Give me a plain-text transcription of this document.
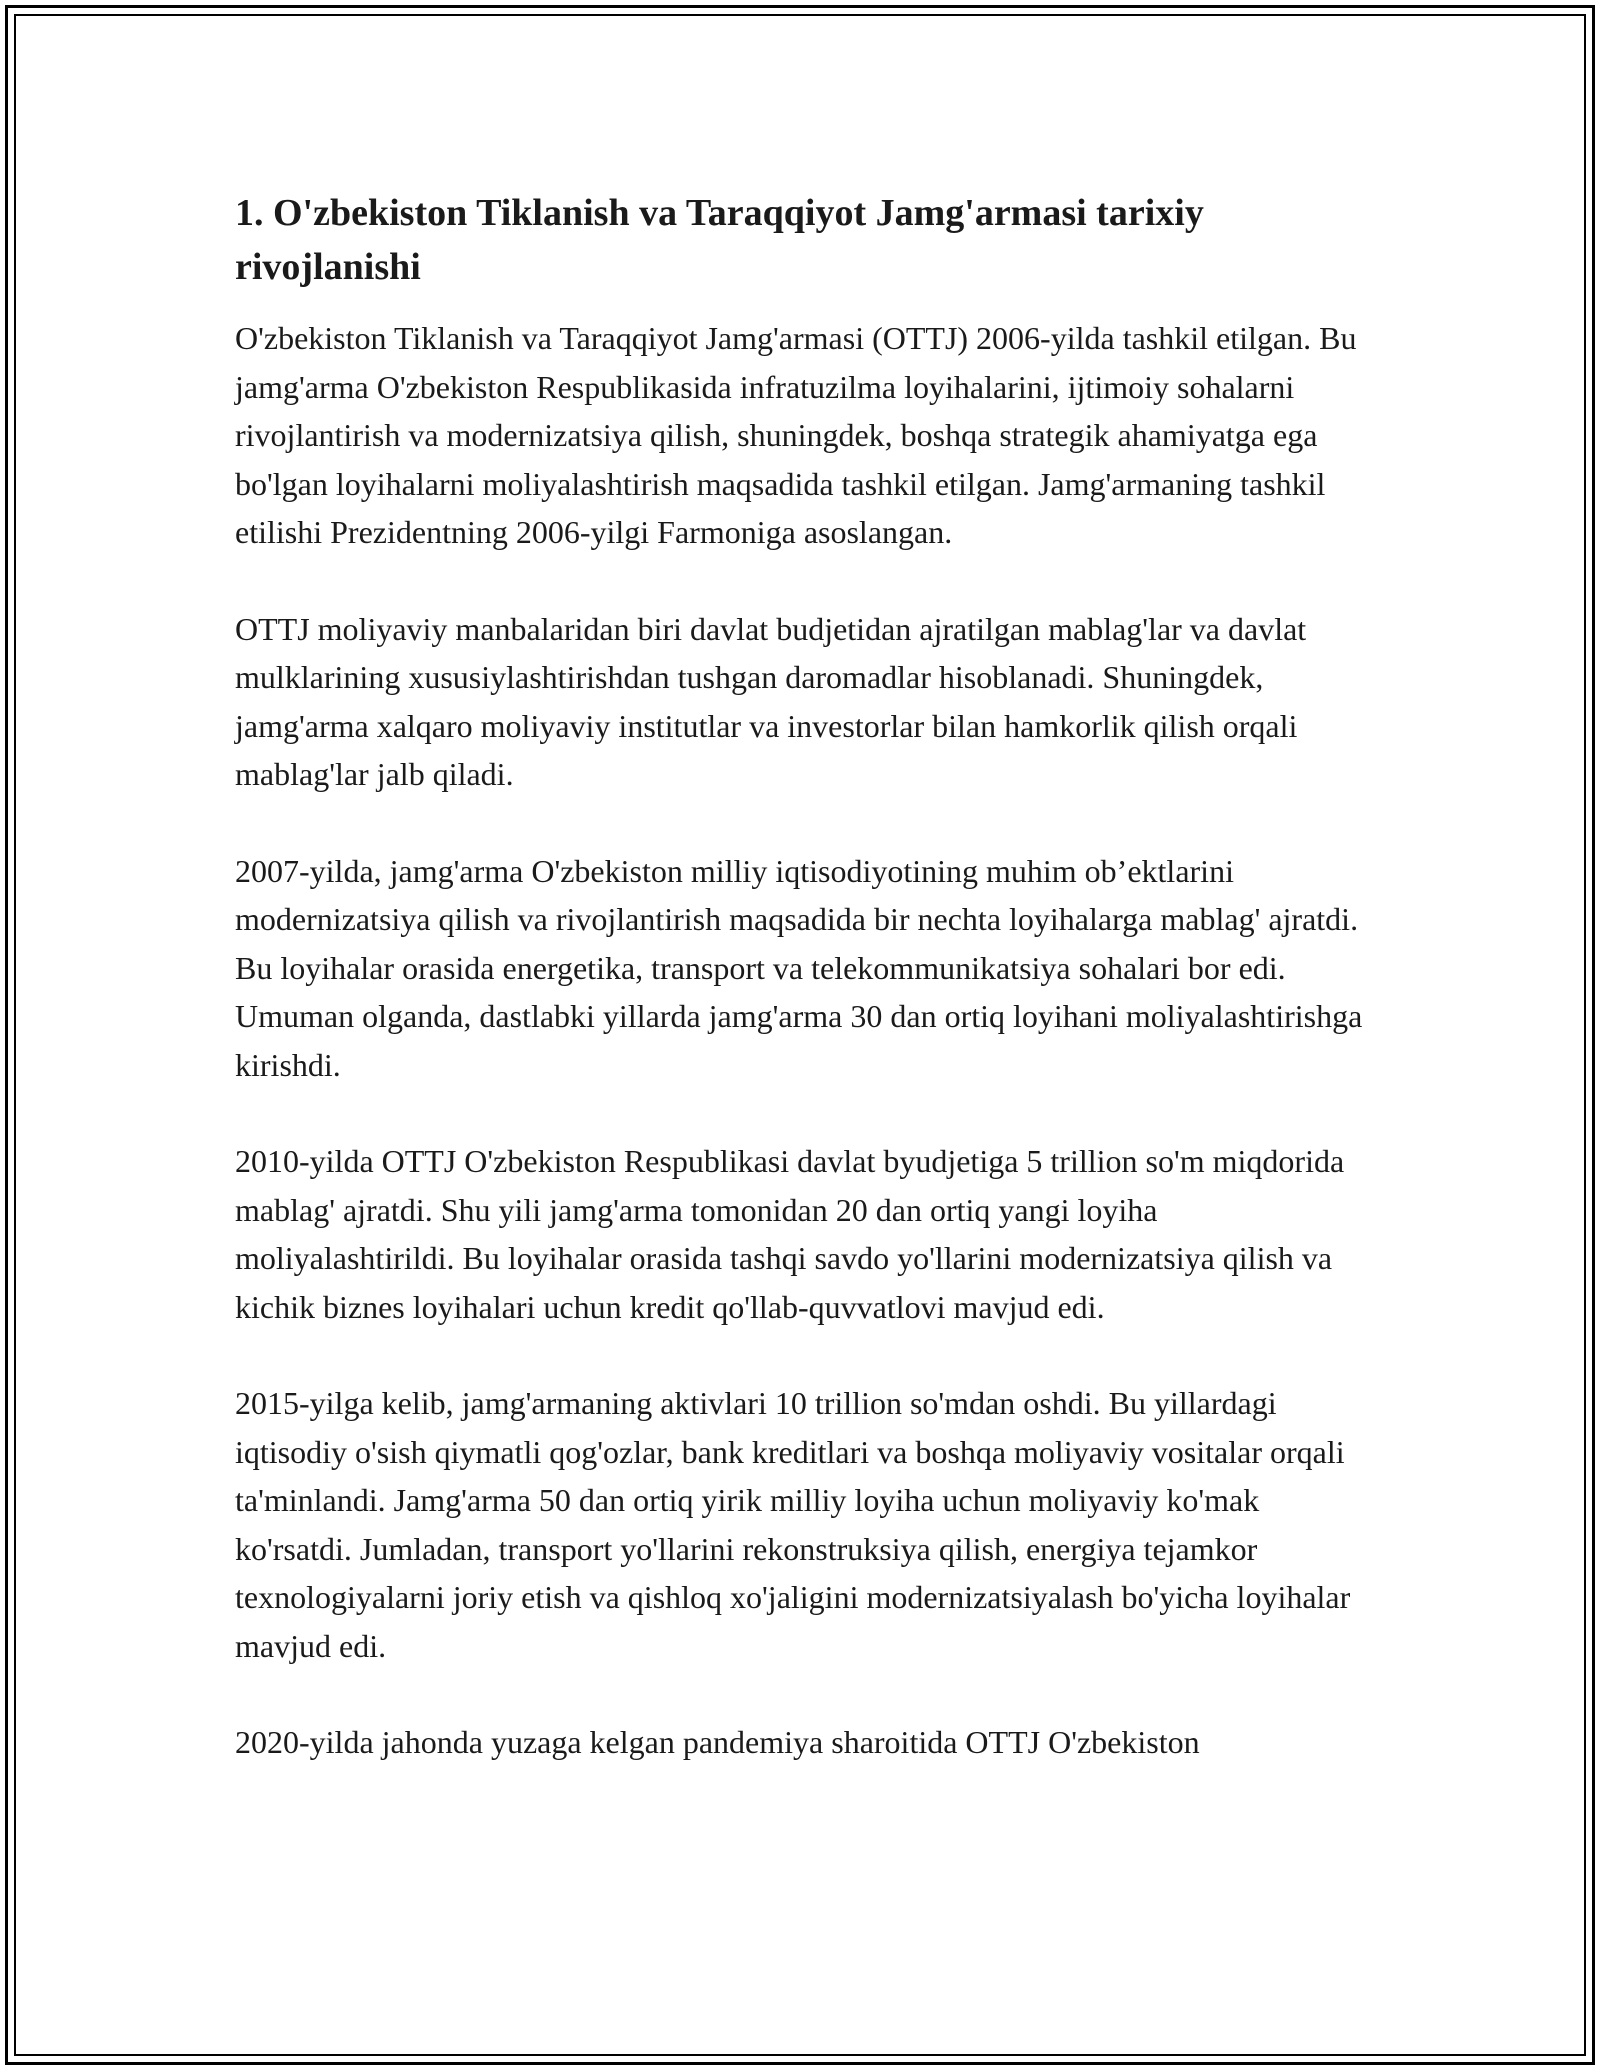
1. O'zbekiston Tiklanish va Taraqqiyot Jamg'armasi tarixiy rivojlanishi

O'zbekiston Tiklanish va Taraqqiyot Jamg'armasi (OTTJ) 2006-yilda tashkil etilgan. Bu jamg'arma O'zbekiston Respublikasida infratuzilma loyihalarini, ijtimoiy sohalarni rivojlantirish va modernizatsiya qilish, shuningdek, boshqa strategik ahamiyatga ega bo'lgan loyihalarni moliyalashtirish maqsadida tashkil etilgan. Jamg'armaning tashkil etilishi Prezidentning 2006-yilgi Farmoniga asoslangan.

OTTJ moliyaviy manbalaridan biri davlat budjetidan ajratilgan mablag'lar va davlat mulklarining xususiylashtirishdan tushgan daromadlar hisoblanadi. Shuningdek, jamg'arma xalqaro moliyaviy institutlar va investorlar bilan hamkorlik qilish orqali mablag'lar jalb qiladi.

2007-yilda, jamg'arma O'zbekiston milliy iqtisodiyotining muhim ob’ektlarini modernizatsiya qilish va rivojlantirish maqsadida bir nechta loyihalarga mablag' ajratdi. Bu loyihalar orasida energetika, transport va telekommunikatsiya sohalari bor edi. Umuman olganda, dastlabki yillarda jamg'arma 30 dan ortiq loyihani moliyalashtirishga kirishdi.

2010-yilda OTTJ O'zbekiston Respublikasi davlat byudjetiga 5 trillion so'm miqdorida mablag' ajratdi. Shu yili jamg'arma tomonidan 20 dan ortiq yangi loyiha moliyalashtirildi. Bu loyihalar orasida tashqi savdo yo'llarini modernizatsiya qilish va kichik biznes loyihalari uchun kredit qo'llab-quvvatlovi mavjud edi.

2015-yilga kelib, jamg'armaning aktivlari 10 trillion so'mdan oshdi. Bu yillardagi iqtisodiy o'sish qiymatli qog'ozlar, bank kreditlari va boshqa moliyaviy vositalar orqali ta'minlandi. Jamg'arma 50 dan ortiq yirik milliy loyiha uchun moliyaviy ko'mak ko'rsatdi. Jumladan, transport yo'llarini rekonstruksiya qilish, energiya tejamkor texnologiyalarni joriy etish va qishloq xo'jaligini modernizatsiyalash bo'yicha loyihalar mavjud edi.

2020-yilda jahonda yuzaga kelgan pandemiya sharoitida OTTJ O'zbekiston
